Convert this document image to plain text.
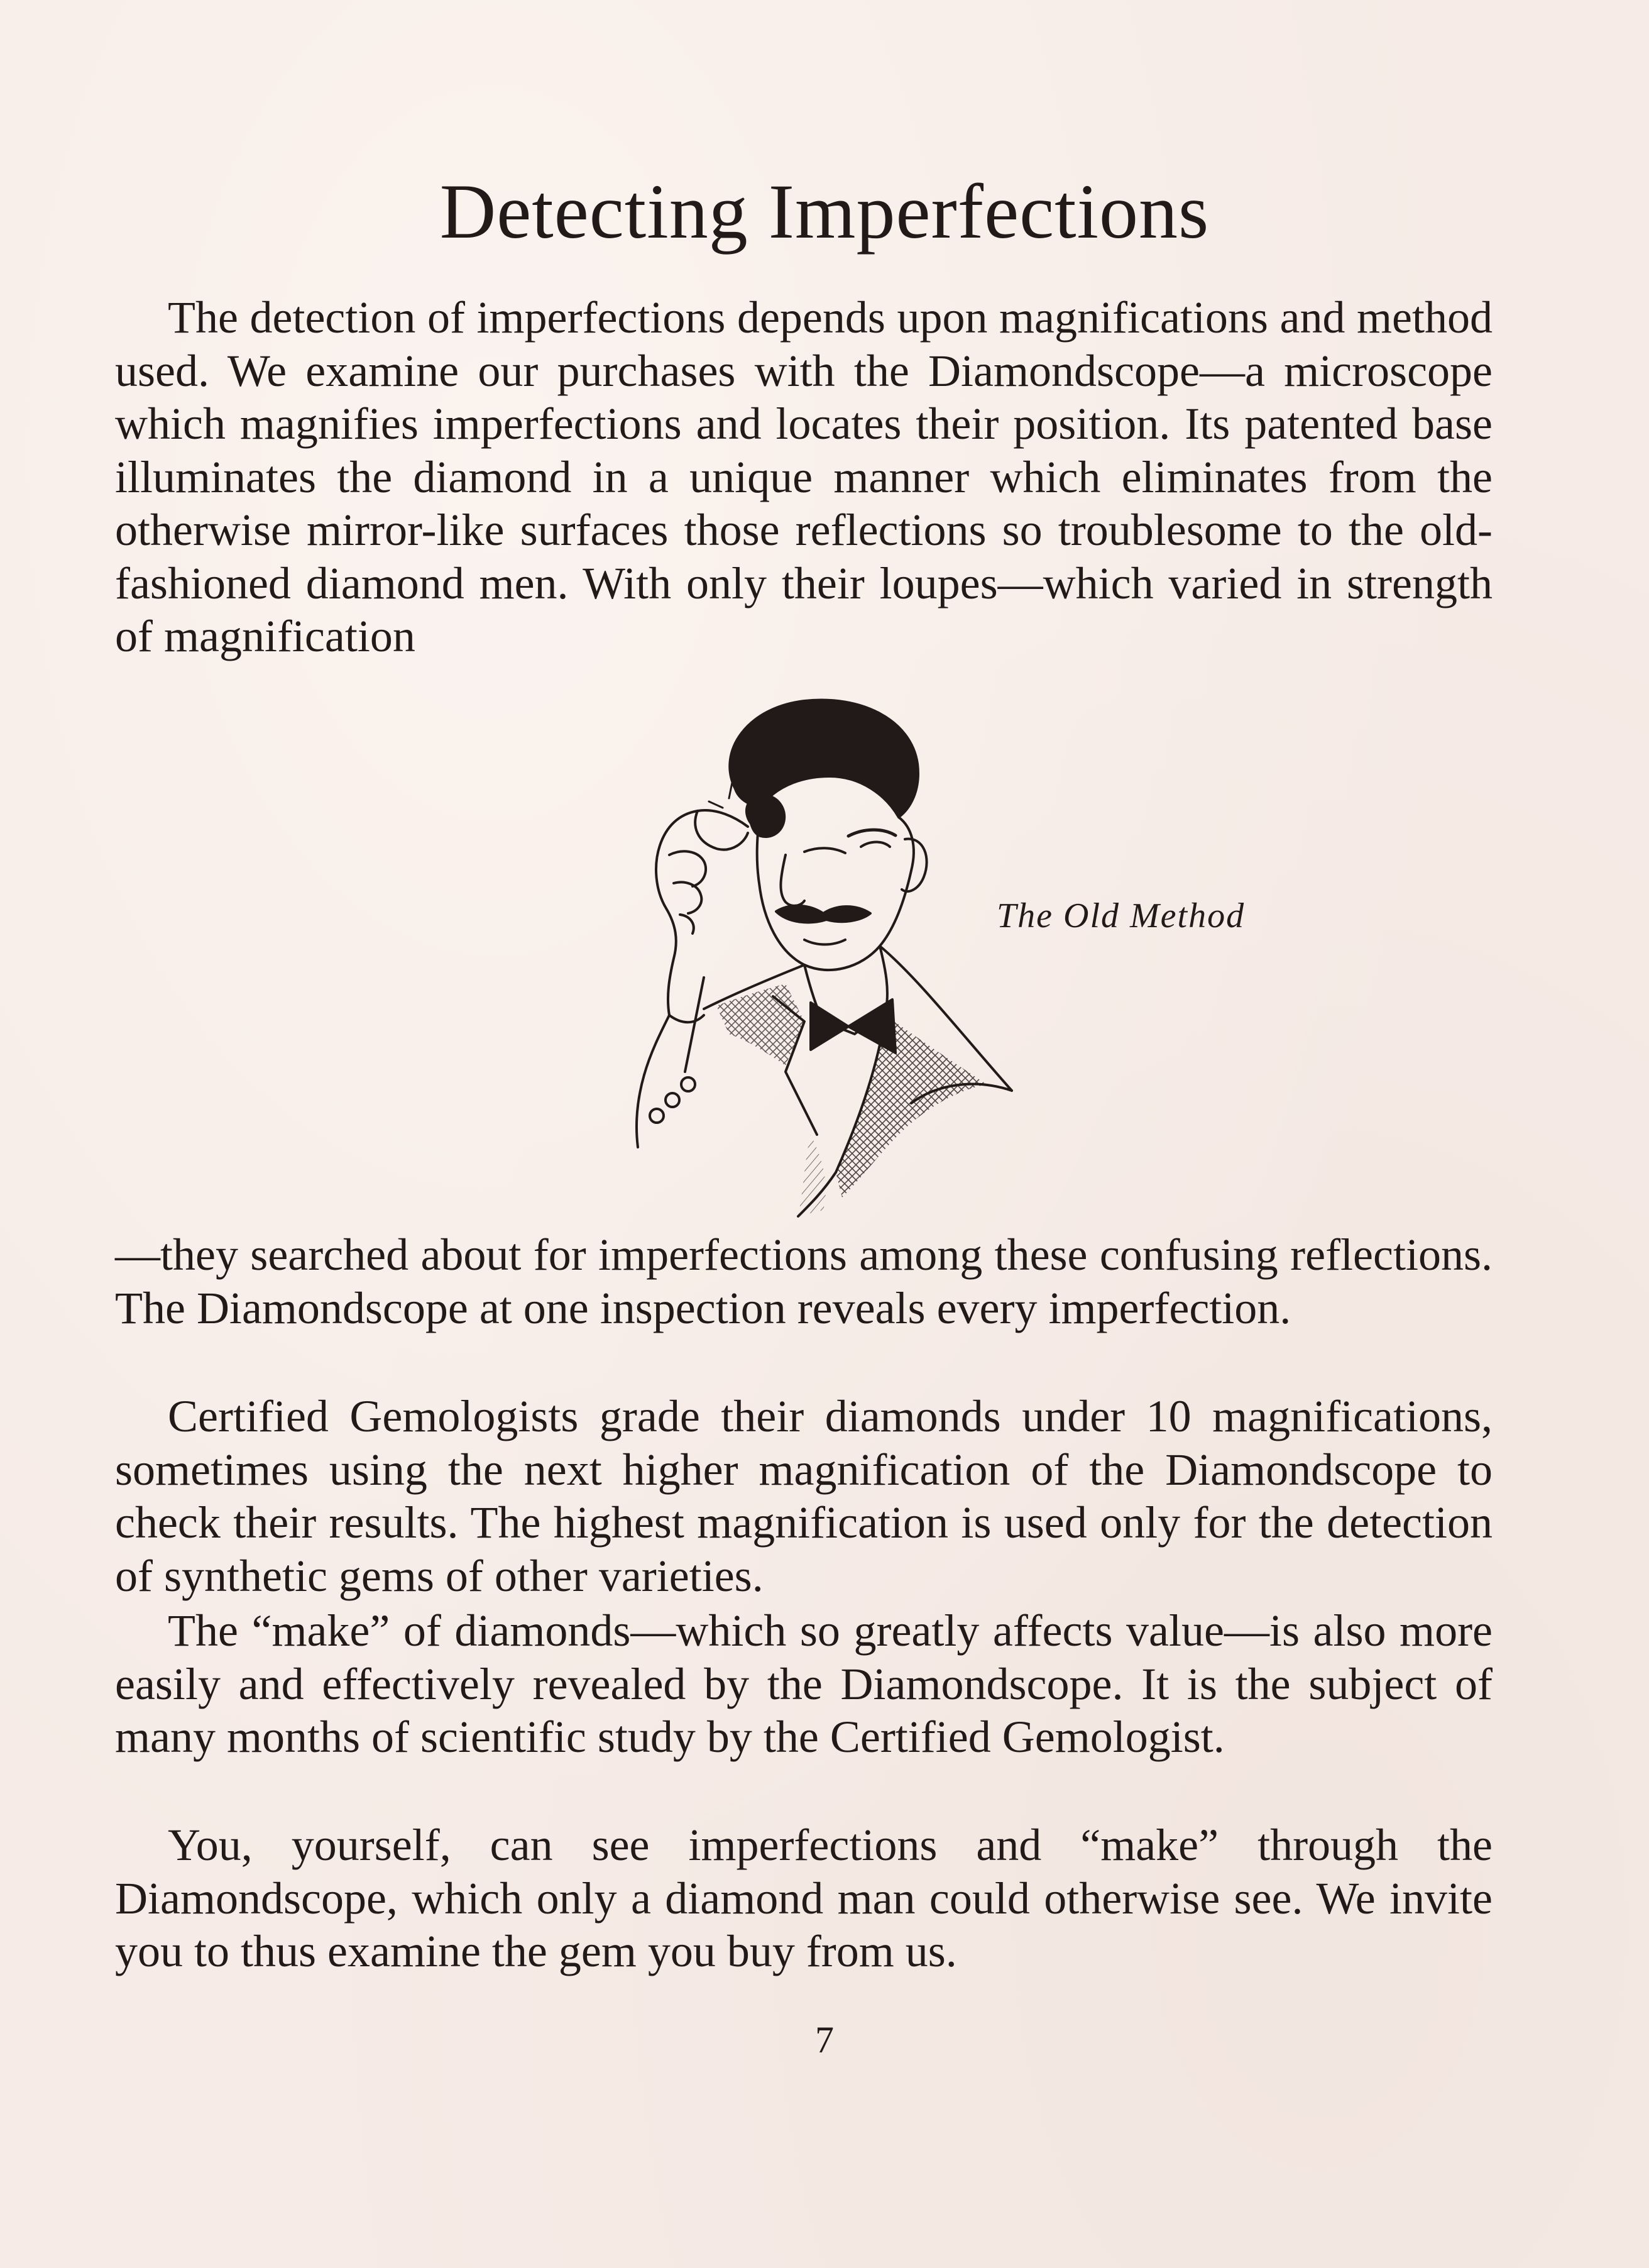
Detecting Imperfections

The detection of imperfections depends upon magnifications and method used. We examine our purchases with the Diamondscope—a microscope which magnifies imperfections and locates their position. Its patented base illuminates the diamond in a unique manner which eliminates from the otherwise mirror-like surfaces those reflections so troublesome to the old-fashioned diamond men. With only their loupes—which varied in strength of magnification

The Old Method

—they searched about for imperfections among these confusing reflections. The Diamondscope at one inspection reveals every imperfection.

Certified Gemologists grade their diamonds under 10 magnifications, sometimes using the next higher magnification of the Diamondscope to check their results. The highest magnification is used only for the detection of synthetic gems of other varieties.

The “make” of diamonds—which so greatly affects value—is also more easily and effectively revealed by the Diamondscope. It is the subject of many months of scientific study by the Certified Gemologist.

You, yourself, can see imperfections and “make” through the Diamondscope, which only a diamond man could otherwise see. We invite you to thus examine the gem you buy from us.

7
